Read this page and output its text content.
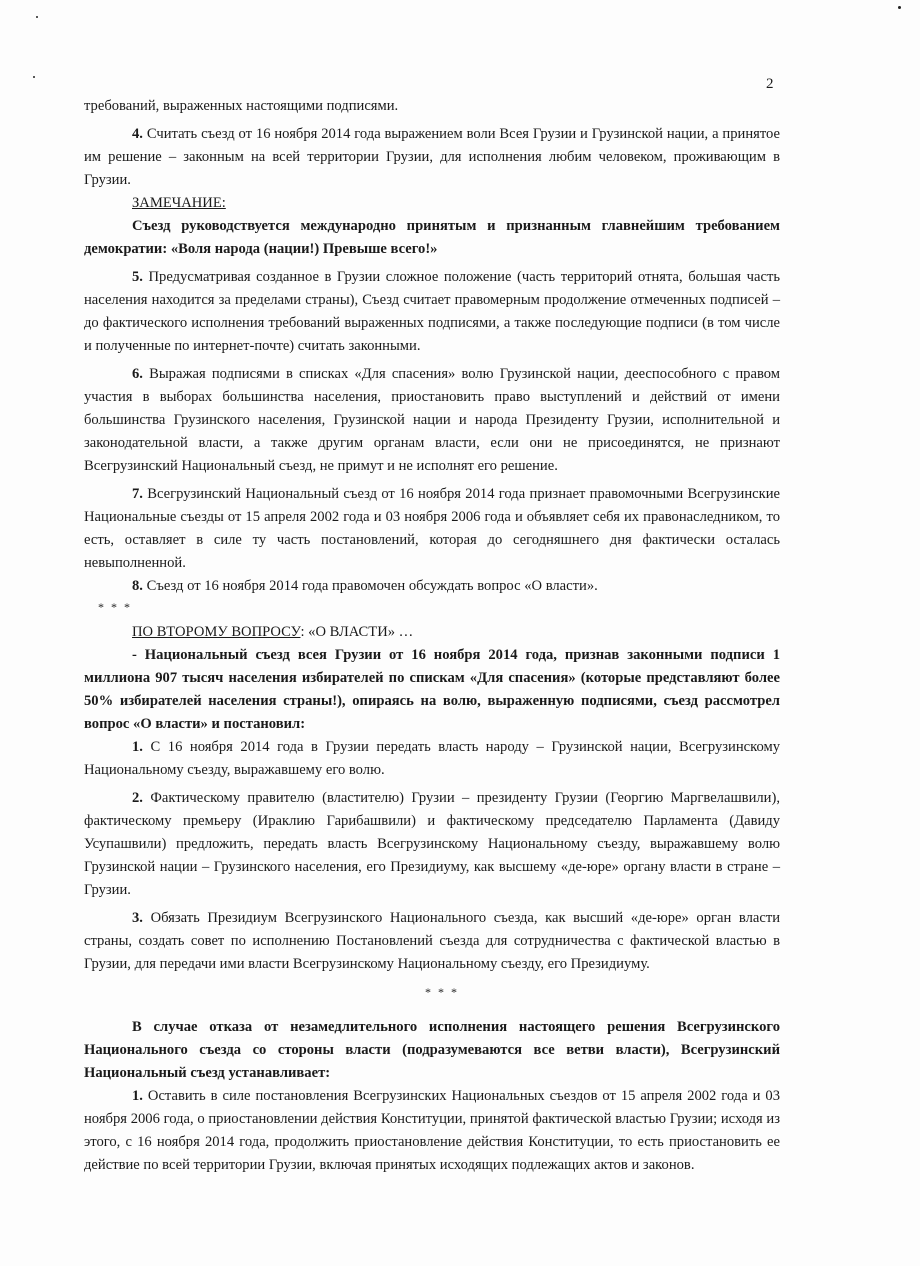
2

требований, выраженных настоящими подписями.

4. Считать съезд от 16 ноября 2014 года выражением воли Всея Грузии и Грузинской нации, а принятое им решение – законным на всей территории Грузии, для исполнения любим человеком, проживающим в Грузии.

ЗАМЕЧАНИЕ:

Съезд руководствуется международно принятым и признанным главнейшим требованием демократии: «Воля народа (нации!) Превыше всего!»

5. Предусматривая созданное в Грузии сложное положение (часть территорий отнята, большая часть населения находится за пределами страны), Съезд считает правомерным продолжение отмеченных подписей – до фактического исполнения требований выраженных подписями, а также последующие подписи (в том числе и полученные по интернет-почте) считать законными.

6. Выражая подписями в списках «Для спасения» волю Грузинской нации, дееспособного с правом участия в выборах большинства населения, приостановить право выступлений и действий от имени большинства Грузинского населения, Грузинской нации и народа Президенту Грузии, исполнительной и законодательной власти, а также другим органам власти, если они не присоединятся, не признают Всегрузинский Национальный съезд, не примут и не исполнят его решение.

7. Всегрузинский Национальный съезд от 16 ноября 2014 года признает правомочными Всегрузинские Национальные съезды от 15 апреля 2002 года и 03 ноября 2006 года и объявляет себя их правонаследником, то есть, оставляет в силе ту часть постановлений, которая до сегодняшнего дня фактически осталась невыполненной.

8. Съезд от 16 ноября 2014 года правомочен обсуждать вопрос «О власти».

* * *

ПО ВТОРОМУ ВОПРОСУ: «О ВЛАСТИ» …

- Национальный съезд всея Грузии от 16 ноября 2014 года, признав законными подписи 1 миллиона 907 тысяч населения избирателей по спискам «Для спасения» (которые представляют более 50% избирателей населения страны!), опираясь на волю, выраженную подписями, съезд рассмотрел вопрос «О власти» и постановил:

1. С 16 ноября 2014 года в Грузии передать власть народу – Грузинской нации, Всегрузинскому Национальному съезду, выражавшему его волю.

2. Фактическому правителю (властителю) Грузии – президенту Грузии (Георгию Маргвелашвили), фактическому премьеру (Ираклию Гарибашвили) и фактическому председателю Парламента (Давиду Усупашвили) предложить, передать власть Всегрузинскому Национальному съезду, выражавшему волю Грузинской нации – Грузинского населения, его Президиуму, как высшему «де-юре» органу власти в стране – Грузии.

3. Обязать Президиум Всегрузинского Национального съезда, как высший «де-юре» орган власти страны, создать совет по исполнению Постановлений съезда для сотрудничества с фактической властью в Грузии, для передачи ими власти Всегрузинскому Национальному съезду, его Президиуму.

* * *

В случае отказа от незамедлительного исполнения настоящего решения Всегрузинского Национального съезда со стороны власти (подразумеваются все ветви власти), Всегрузинский Национальный съезд устанавливает:

1. Оставить в силе постановления Всегрузинских Национальных съездов от 15 апреля 2002 года и 03 ноября 2006 года, о приостановлении действия Конституции, принятой фактической властью Грузии; исходя из этого, с 16 ноября 2014 года, продолжить приостановление действия Конституции, то есть приостановить ее действие по всей территории Грузии, включая принятых исходящих подлежащих актов и законов.
